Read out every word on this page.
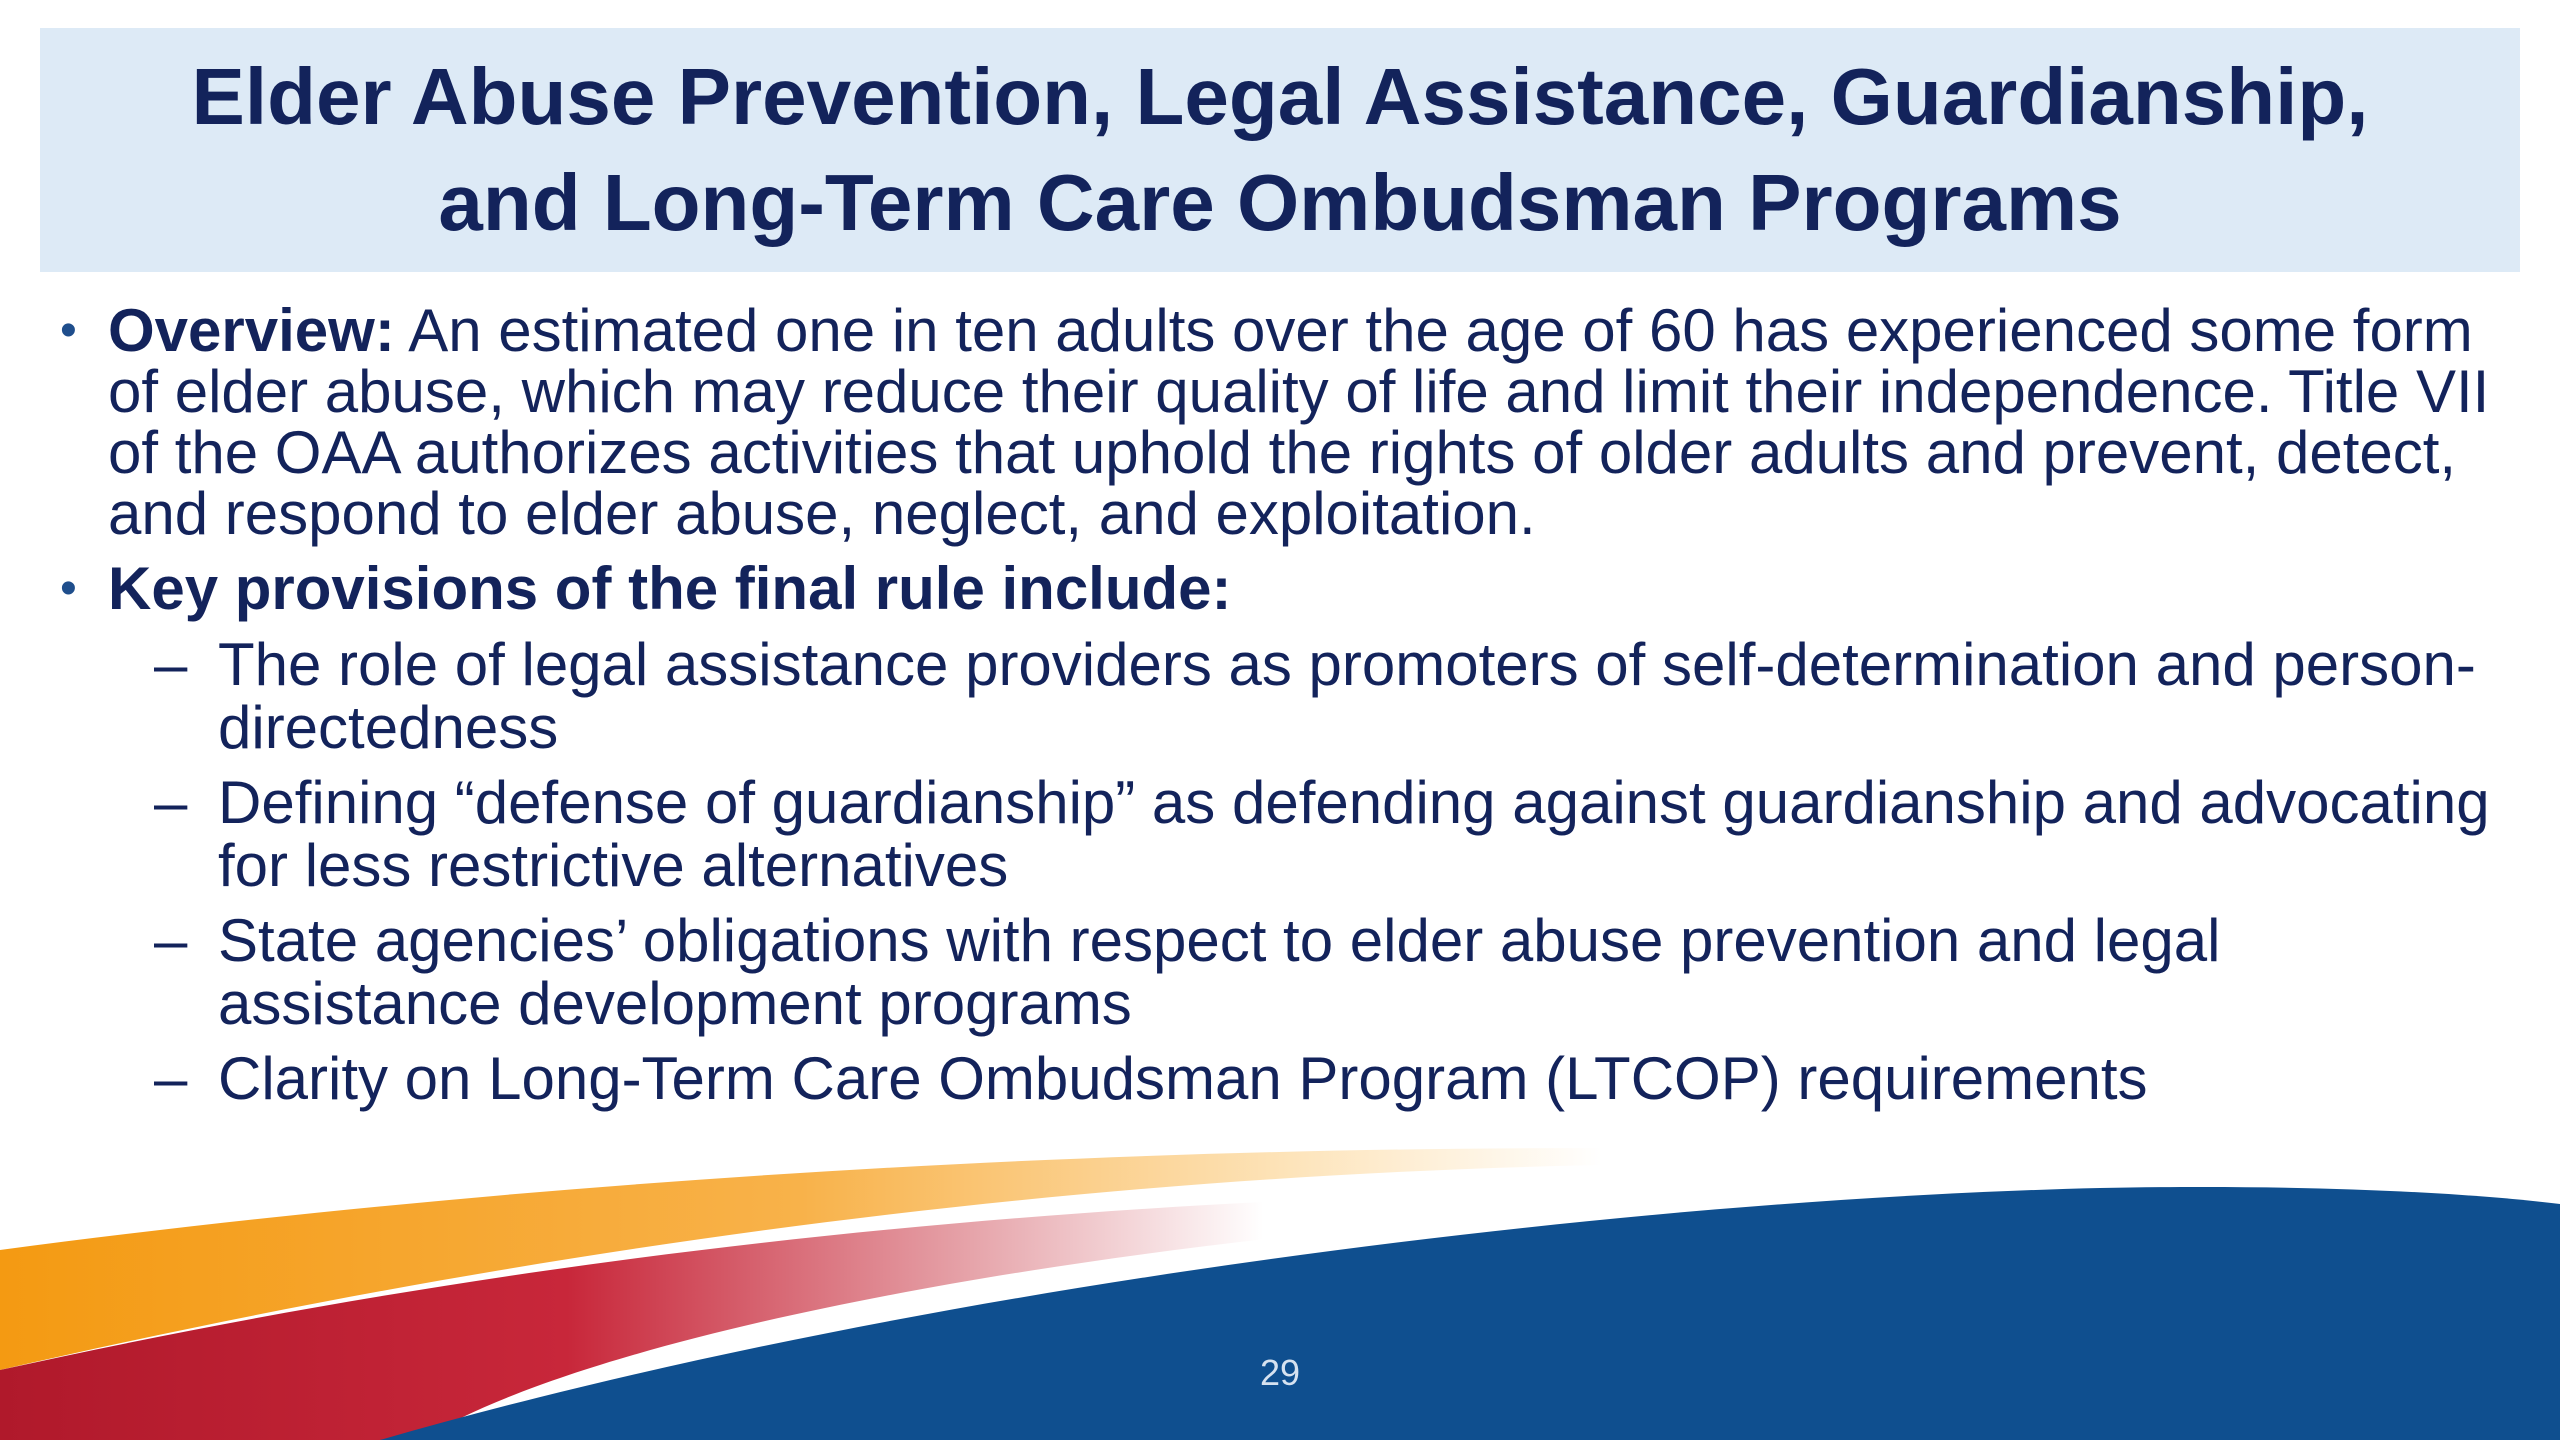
Elder Abuse Prevention, Legal Assistance, Guardianship,
and Long-Term Care Ombudsman Programs
• Overview: An estimated one in ten adults over the age of 60 has experienced some form of elder abuse, which may reduce their quality of life and limit their independence. Title VII of the OAA authorizes activities that uphold the rights of older adults and prevent, detect, and respond to elder abuse, neglect, and exploitation.
• Key provisions of the final rule include:
– The role of legal assistance providers as promoters of self-determination and person-directedness
– Defining “defense of guardianship” as defending against guardianship and advocating for less restrictive alternatives
– State agencies’ obligations with respect to elder abuse prevention and legal assistance development programs
– Clarity on Long-Term Care Ombudsman Program (LTCOP) requirements
29
